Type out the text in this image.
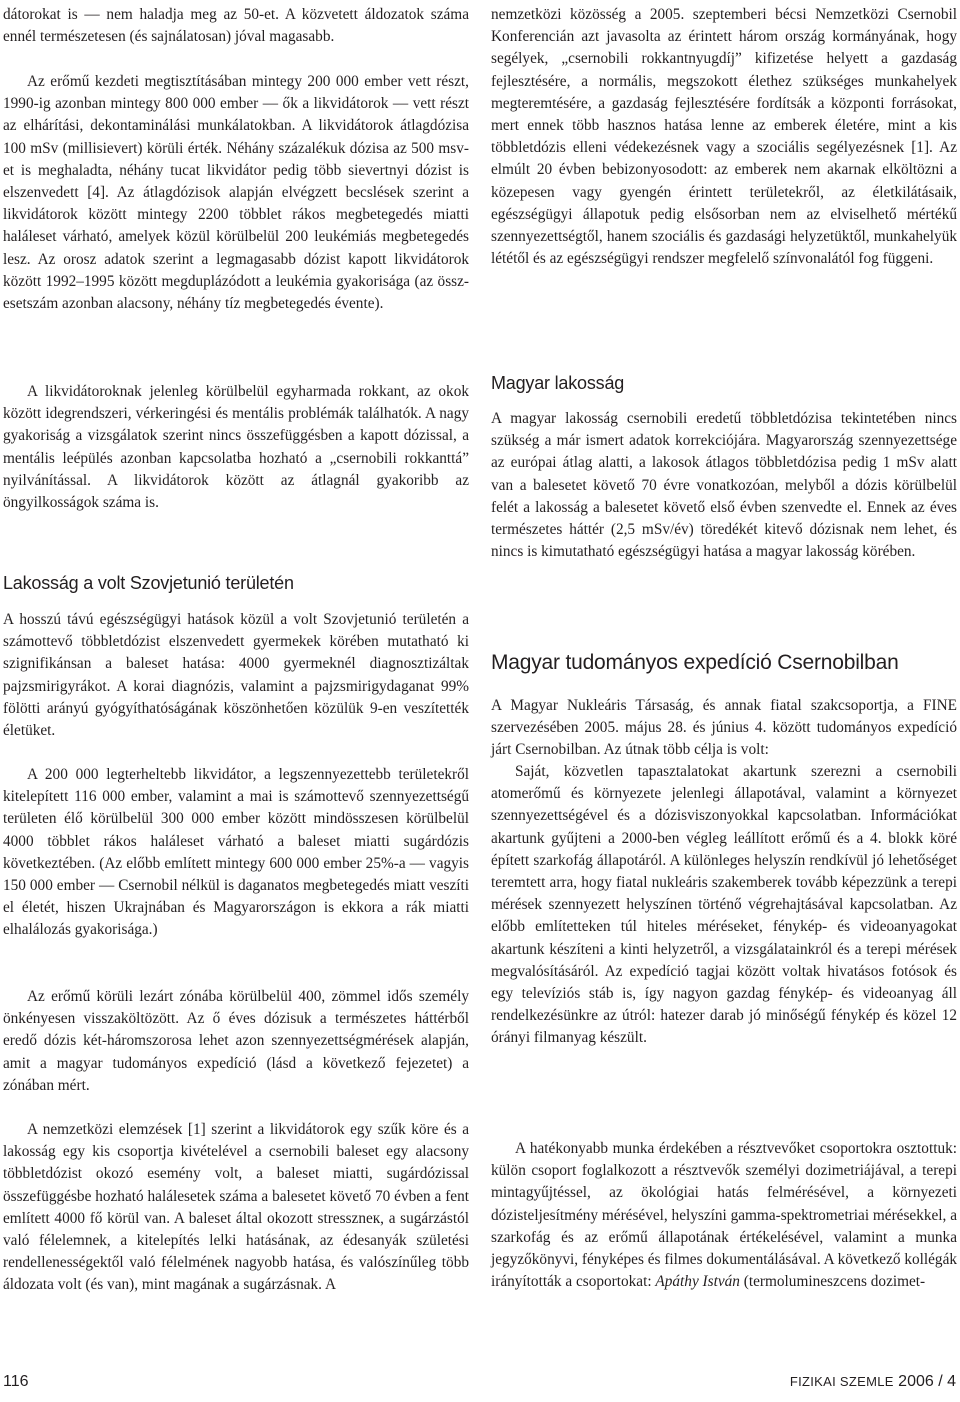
dátorokat is — nem haladja meg az 50-et. A közvetett áldozatok száma ennél természetesen (és sajnálatosan) jóval magasabb.

Az erőmű kezdeti megtisztításában mintegy 200 000 ember vett részt, 1990-ig azonban mintegy 800 000 ember — ők a likvidátorok — vett részt az elhárítási, dekontaminálási munkálatokban. A likvidátorok átlagdózisa 100 mSv (millisievert) körüli érték. Néhány százalékuk dózisa az 500 msv-et is meghaladta, néhány tucat likvidátor pedig több sievertnyi dózist is elszenvedett [4]. Az átlagdózisok alapján elvégzett becslések szerint a likvidátorok között mintegy 2200 többlet rákos megbetegedés miatti haláleset várható, amelyek közül körülbelül 200 leukémiás megbetegedés lesz. Az orosz adatok szerint a legmagasabb dózist kapott likvidátorok között 1992–1995 között megduplázódott a leukémia gyakorisága (az össz-esetszám azonban alacsony, néhány tíz megbetegedés évente).

A likvidátoroknak jelenleg körülbelül egyharmada rokkant, az okok között idegrendszeri, vérkeringési és mentális problémák találhatók. A nagy gyakoriság a vizsgálatok szerint nincs összefüggésben a kapott dózissal, a mentális leépülés azonban kapcsolatba hozható a „csernobili rokkanttá” nyilvánítással. A likvidátorok között az átlagnál gyakoribb az öngyilkosságok száma is.

Lakosság a volt Szovjetunió területén

A hosszú távú egészségügyi hatások közül a volt Szovjetunió területén a számottevő többletdózist elszenvedett gyermekek körében mutatható ki szignifikánsan a baleset hatása: 4000 gyermeknél diagnosztizáltak pajzsmirigyrákot. A korai diagnózis, valamint a pajzsmirigydaganat 99% fölötti arányú gyógyíthatóságának köszönhetően közülük 9-en veszítették életüket.

A 200 000 legterheltebb likvidátor, a legszennyezettebb területekről kitelepített 116 000 ember, valamint a mai is számottevő szennyezettségű területen élő körülbelül 300 000 ember között mindösszesen körülbelül 4000 többlet rákos haláleset várható a baleset miatti sugárdózis következtében. (Az előbb említett mintegy 600 000 ember 25%-a — vagyis 150 000 ember — Csernobil nélkül is daganatos megbetegedés miatt veszíti el életét, hiszen Ukrajnában és Magyarországon is ekkora a rák miatti elhalálozás gyakorisága.)

Az erőmű körüli lezárt zónába körülbelül 400, zömmel idős személy önkényesen visszaköltözött. Az ő éves dózisuk a természetes háttérből eredő dózis két-háromszorosa lehet azon szennyezettségmérések alapján, amit a magyar tudományos expedíció (lásd a következő fejezetet) a zónában mért.

A nemzetközi elemzések [1] szerint a likvidátorok egy szűk köre és a lakosság egy kis csoportja kivételével a csernobili baleset egy alacsony többletdózist okozó esemény volt, a baleset miatti, sugárdózissal összefüggésbe hozható halálesetek száma a balesetet követő 70 évben a fent említett 4000 fő körül van. A baleset által okozott stresszneк, a sugárzástól való félelemnek, a kitelepítés lelki hatásának, az édesanyák születési rendellenességektől való félelmének nagyobb hatása, és valószínűleg több áldozata volt (és van), mint magának a sugárzásnak. A

nemzetközi közösség a 2005. szeptemberi bécsi Nemzetközi Csernobil Konferencián azt javasolta az érintett három ország kormányának, hogy segélyek, „csernobili rokkantnyugdíj” kifizetése helyett a gazdaság fejlesztésére, a normális, megszokott élethez szükséges munkahelyek megteremtésére, a gazdaság fejlesztésére fordítsák a központi forrásokat, mert ennek több hasznos hatása lenne az emberek életére, mint a kis többletdózis elleni védekezésnek vagy a szociális segélyezésnek [1]. Az elmúlt 20 évben bebizonyosodott: az emberek nem akarnak elköltözni a közepesen vagy gyengén érintett területekről, az életkilátásaik, egészségügyi állapotuk pedig elsősorban nem az elviselhető mértékű szennyezettségtől, hanem szociális és gazdasági helyzetüktől, munkahelyük lététől és az egészségügyi rendszer megfelelő színvonalától fog függeni.

Magyar lakosság

A magyar lakosság csernobili eredetű többletdózisa tekintetében nincs szükség a már ismert adatok korrekciójára. Magyarország szennyezettsége az európai átlag alatti, a lakosok átlagos többletdózisa pedig 1 mSv alatt van a balesetet követő 70 évre vonatkozóan, melyből a dózis körülbelül felét a lakosság a balesetet követő első évben szenvedte el. Ennek az éves természetes háttér (2,5 mSv/év) töredékét kitevő dózisnak nem lehet, és nincs is kimutatható egészségügyi hatása a magyar lakosság körében.

Magyar tudományos expedíció Csernobilban

A Magyar Nukleáris Társaság, és annak fiatal szakcsoportja, a FINE szervezésében 2005. május 28. és június 4. között tudományos expedíció járt Csernobilban. Az útnak több célja is volt:

Saját, közvetlen tapasztalatokat akartunk szerezni a csernobili atomerőmű és környezete jelenlegi állapotával, valamint a környezet szennyezettségével és a dózisviszonyokkal kapcsolatban. Információkat akartunk gyűjteni a 2000-ben végleg leállított erőmű és a 4. blokk köré épített szarkofág állapotáról. A különleges helyszín rendkívül jó lehetőséget teremtett arra, hogy fiatal nukleáris szakemberek tovább képezzünk a terepi mérések szennyezett helyszínen történő végrehajtásával kapcsolatban. Az előbb említetteken túl hiteles méréseket, fénykép- és videoanyagokat akartunk készíteni a kinti helyzetről, a vizsgálatainkról és a terepi mérések megvalósításáról. Az expedíció tagjai között voltak hivatásos fotósok és egy televíziós stáb is, így nagyon gazdag fénykép- és videoanyag áll rendelkezésünkre az útról: hatezer darab jó minőségű fénykép és közel 12 órányi filmanyag készült.

A hatékonyabb munka érdekében a résztvevőket csoportokra osztottuk: külön csoport foglalkozott a résztvevők személyi dozimetriájával, a terepi mintagyűjtéssel, az ökológiai hatás felmérésével, a környezeti dózisteljesítmény mérésével, helyszíni gamma-spektrometriai mérésekkel, a szarkofág és az erőmű állapotának értékelésével, valamint a munka jegyzőkönyvi, fényképes és filmes dokumentálásával. A következő kollégák irányították a csoportokat: Apáthy István (termolumineszcens dozimet-

116	FIZIKAI SZEMLE 2006 / 4
